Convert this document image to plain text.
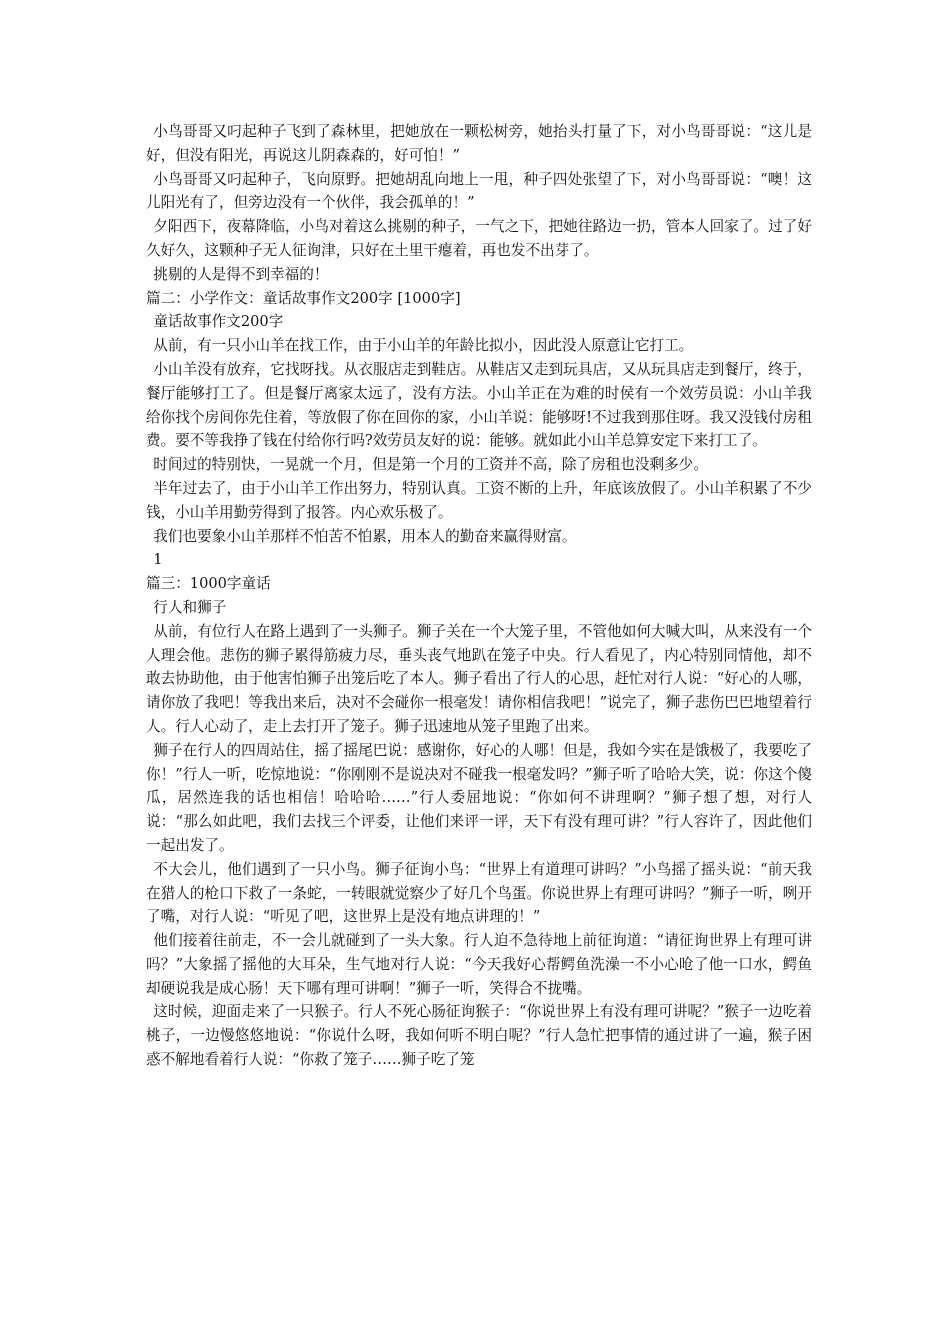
小鸟哥哥又叼起种子飞到了森林里，把她放在一颗松树旁，她抬头打量了下，对小鸟哥哥说：“这儿是好，但没有阳光，再说这儿阴森森的，好可怕！”

小鸟哥哥又叼起种子，飞向原野。把她胡乱向地上一甩，种子四处张望了下，对小鸟哥哥说：“噢！这儿阳光有了，但旁边没有一个伙伴，我会孤单的！”

夕阳西下，夜幕降临，小鸟对着这么挑剔的种子，一气之下，把她往路边一扔，管本人回家了。过了好久好久，这颗种子无人征询津，只好在土里干瘪着，再也发不出芽了。

挑剔的人是得不到幸福的！

篇二：小学作文：童话故事作文200字 [1000字]

童话故事作文200字

从前，有一只小山羊在找工作，由于小山羊的年龄比拟小，因此没人原意让它打工。

小山羊没有放弃，它找呀找。从衣服店走到鞋店。从鞋店又走到玩具店，又从玩具店走到餐厅，终于，餐厅能够打工了。但是餐厅离家太远了，没有方法。小山羊正在为难的时侯有一个效劳员说：小山羊我给你找个房间你先住着，等放假了你在回你的家，小山羊说：能够呀!不过我到那住呀。我又没钱付房租费。要不等我挣了钱在付给你行吗?效劳员友好的说：能够。就如此小山羊总算安定下来打工了。

时间过的特别快，一晃就一个月，但是第一个月的工资并不高，除了房租也没剩多少。

半年过去了，由于小山羊工作出努力，特别认真。工资不断的上升，年底该放假了。小山羊积累了不少钱，小山羊用勤劳得到了报答。内心欢乐极了。

我们也要象小山羊那样不怕苦不怕累，用本人的勤奋来赢得财富。

1

篇三：1000字童话

行人和狮子

从前，有位行人在路上遇到了一头狮子。狮子关在一个大笼子里，不管他如何大喊大叫，从来没有一个人理会他。悲伤的狮子累得筋疲力尽，垂头丧气地趴在笼子中央。行人看见了，内心特别同情他，却不敢去协助他，由于他害怕狮子出笼后吃了本人。狮子看出了行人的心思，赶忙对行人说：“好心的人哪，请你放了我吧！等我出来后，决对不会碰你一根毫发！请你相信我吧！”说完了，狮子悲伤巴巴地望着行人。行人心动了，走上去打开了笼子。狮子迅速地从笼子里跑了出来。

狮子在行人的四周站住，摇了摇尾巴说：感谢你，好心的人哪！但是，我如今实在是饿极了，我要吃了你！”行人一听，吃惊地说：“你刚刚不是说决对不碰我一根毫发吗？”狮子听了哈哈大笑，说：你这个傻瓜，居然连我的话也相信！哈哈哈……”行人委屈地说：“你如何不讲理啊？”狮子想了想，对行人说：“那么如此吧，我们去找三个评委，让他们来评一评，天下有没有理可讲？”行人容许了，因此他们一起出发了。

不大会儿，他们遇到了一只小鸟。狮子征询小鸟：“世界上有道理可讲吗？”小鸟摇了摇头说：“前天我在猎人的枪口下救了一条蛇，一转眼就觉察少了好几个鸟蛋。你说世界上有理可讲吗？”狮子一听，咧开了嘴，对行人说：“听见了吧，这世界上是没有地点讲理的！”

他们接着往前走，不一会儿就碰到了一头大象。行人迫不急待地上前征询道：“请征询世界上有理可讲吗？”大象摇了摇他的大耳朵，生气地对行人说：“今天我好心帮鳄鱼洗澡一不小心呛了他一口水，鳄鱼却硬说我是成心肠！天下哪有理可讲啊！”狮子一听，笑得合不拢嘴。

这时候，迎面走来了一只猴子。行人不死心肠征询猴子：“你说世界上有没有理可讲呢？”猴子一边吃着桃子，一边慢悠悠地说：“你说什么呀，我如何听不明白呢？”行人急忙把事情的通过讲了一遍，猴子困惑不解地看着行人说：“你救了笼子……狮子吃了笼
